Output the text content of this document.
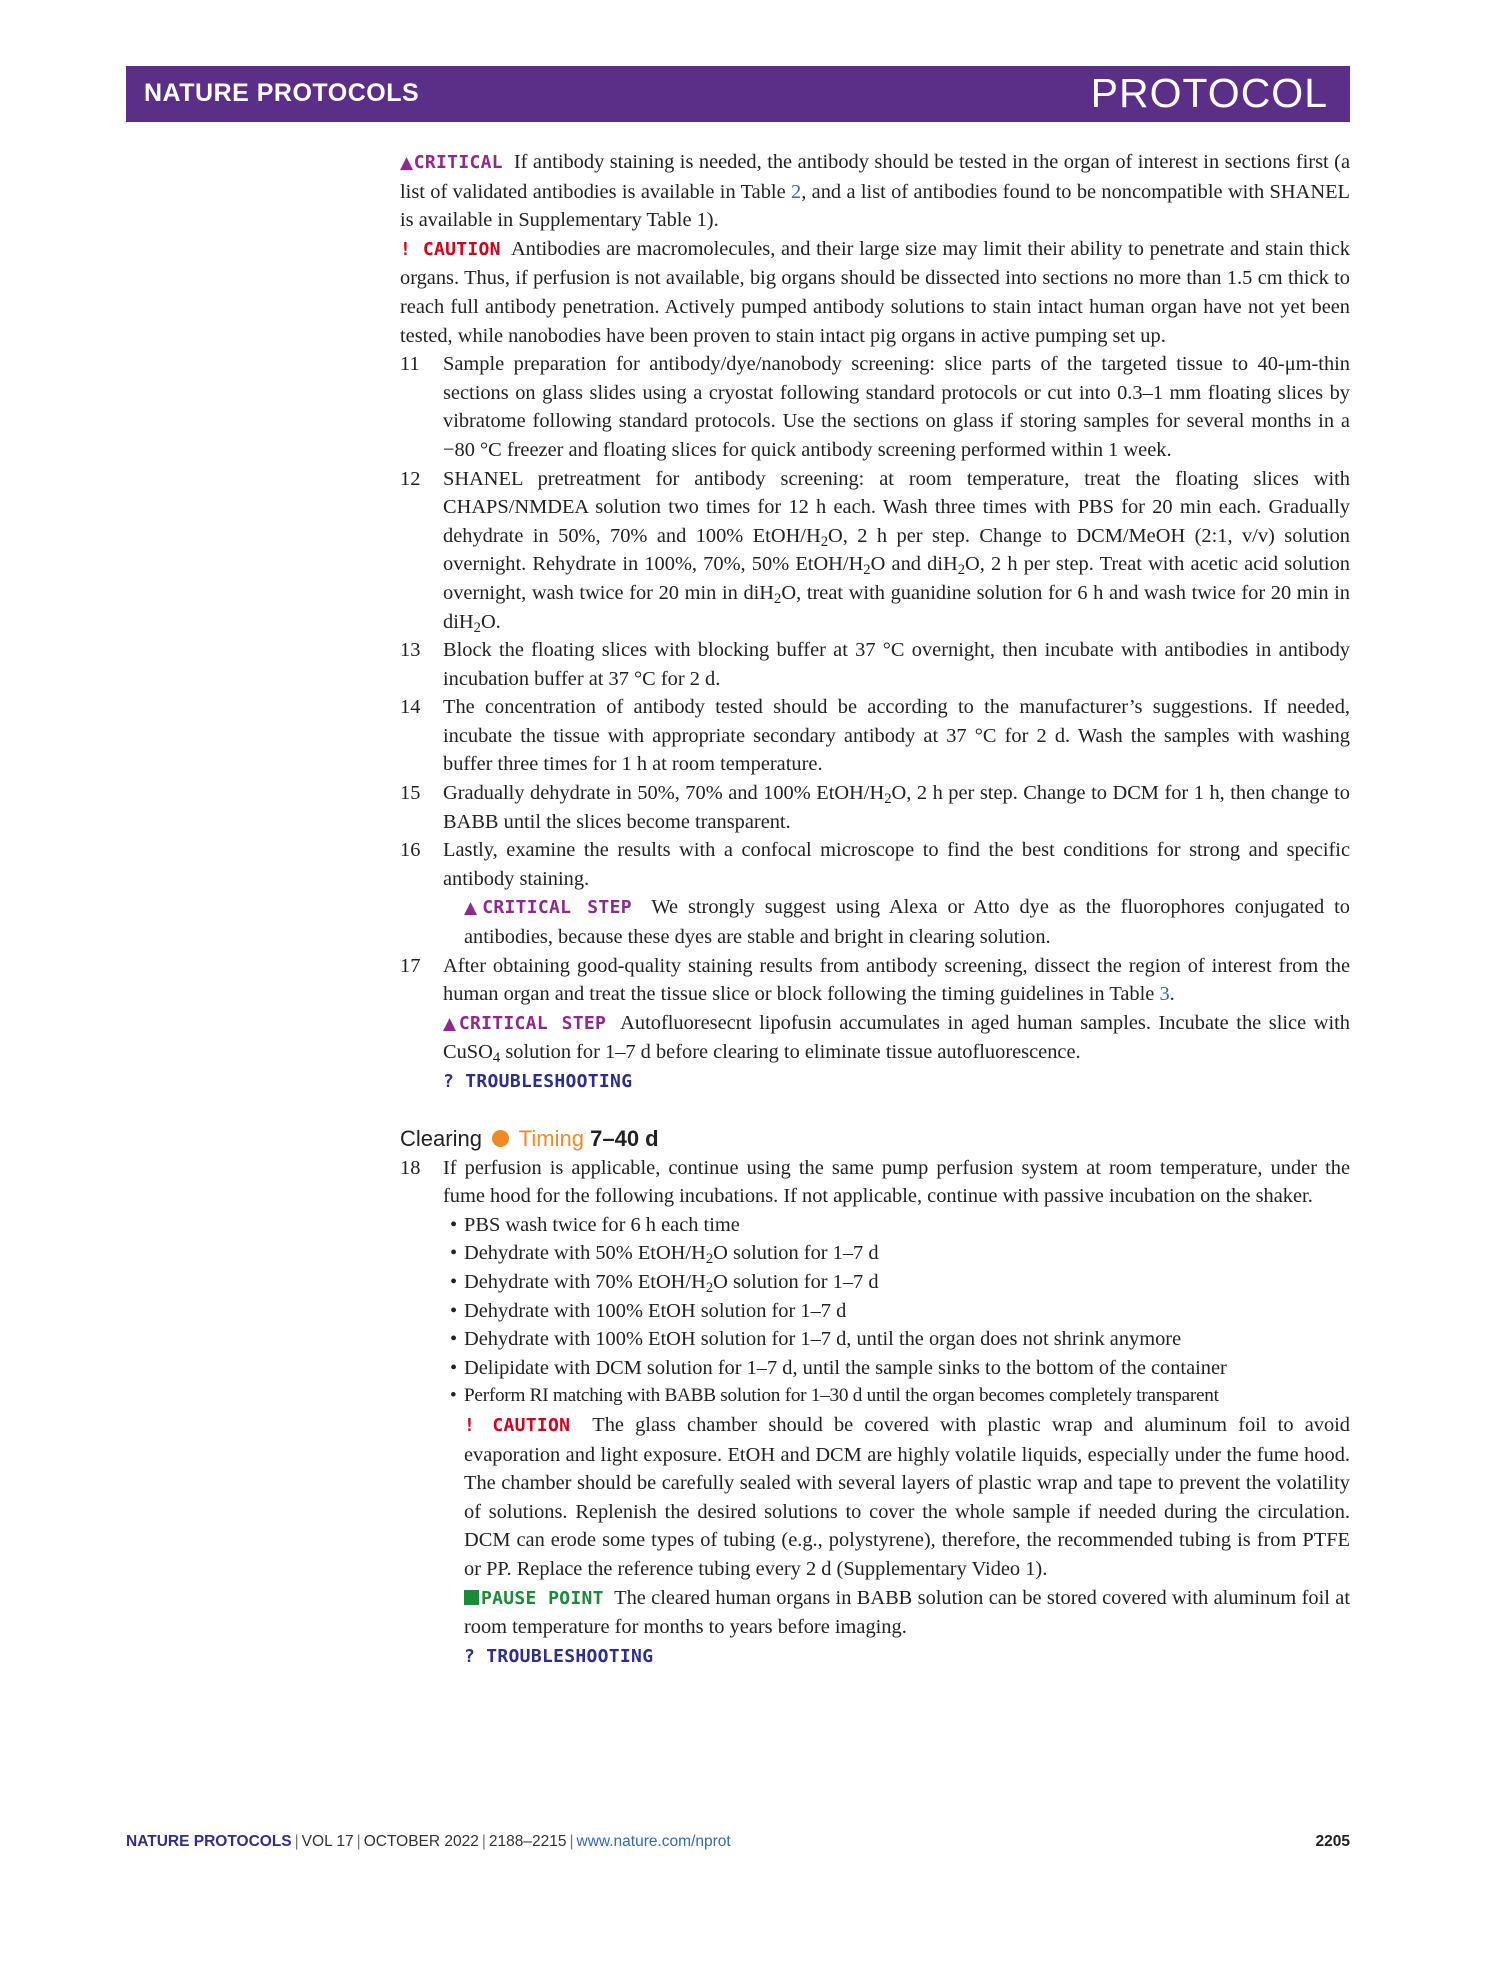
NATURE PROTOCOLS	PROTOCOL

▲CRITICAL If antibody staining is needed, the antibody should be tested in the organ of interest in sections first (a list of validated antibodies is available in Table 2, and a list of antibodies found to be noncompatible with SHANEL is available in Supplementary Table 1).

! CAUTION Antibodies are macromolecules, and their large size may limit their ability to penetrate and stain thick organs. Thus, if perfusion is not available, big organs should be dissected into sections no more than 1.5 cm thick to reach full antibody penetration. Actively pumped antibody solutions to stain intact human organ have not yet been tested, while nanobodies have been proven to stain intact pig organs in active pumping set up.

11 Sample preparation for antibody/dye/nanobody screening: slice parts of the targeted tissue to 40-μm-thin sections on glass slides using a cryostat following standard protocols or cut into 0.3–1 mm floating slices by vibratome following standard protocols. Use the sections on glass if storing samples for several months in a −80 °C freezer and floating slices for quick antibody screening performed within 1 week.

12 SHANEL pretreatment for antibody screening: at room temperature, treat the floating slices with CHAPS/NMDEA solution two times for 12 h each. Wash three times with PBS for 20 min each. Gradually dehydrate in 50%, 70% and 100% EtOH/$H_2O$, 2 h per step. Change to DCM/MeOH (2:1, v/v) solution overnight. Rehydrate in 100%, 70%, 50% EtOH/$H_2O$ and diH$_2$O, 2 h per step. Treat with acetic acid solution overnight, wash twice for 20 min in diH$_2$O, treat with guanidine solution for 6 h and wash twice for 20 min in diH$_2$O.

13 Block the floating slices with blocking buffer at 37 °C overnight, then incubate with antibodies in antibody incubation buffer at 37 °C for 2 d.

14 The concentration of antibody tested should be according to the manufacturer’s suggestions. If needed, incubate the tissue with appropriate secondary antibody at 37 °C for 2 d. Wash the samples with washing buffer three times for 1 h at room temperature.

15 Gradually dehydrate in 50%, 70% and 100% EtOH/$H_2O$, 2 h per step. Change to DCM for 1 h, then change to BABB until the slices become transparent.

16 Lastly, examine the results with a confocal microscope to find the best conditions for strong and specific antibody staining.

▲CRITICAL STEP We strongly suggest using Alexa or Atto dye as the fluorophores conjugated to antibodies, because these dyes are stable and bright in clearing solution.

17 After obtaining good-quality staining results from antibody screening, dissect the region of interest from the human organ and treat the tissue slice or block following the timing guidelines in Table 3.

▲CRITICAL STEP Autofluoresecnt lipofusin accumulates in aged human samples. Incubate the slice with CuSO$_4$ solution for 1–7 d before clearing to eliminate tissue autofluorescence.

? TROUBLESHOOTING

Clearing Timing 7–40 d
18 If perfusion is applicable, continue using the same pump perfusion system at room temperature, under the fume hood for the following incubations. If not applicable, continue with passive incubation on the shaker.

• PBS wash twice for 6 h each time
• Dehydrate with 50% EtOH/$H_2O$ solution for 1–7 d
• Dehydrate with 70% EtOH/$H_2O$ solution for 1–7 d
• Dehydrate with 100% EtOH solution for 1–7 d
• Dehydrate with 100% EtOH solution for 1–7 d, until the organ does not shrink anymore
• Delipidate with DCM solution for 1–7 d, until the sample sinks to the bottom of the container
• Perform RI matching with BABB solution for 1–30 d until the organ becomes completely transparent

! CAUTION The glass chamber should be covered with plastic wrap and aluminum foil to avoid evaporation and light exposure. EtOH and DCM are highly volatile liquids, especially under the fume hood. The chamber should be carefully sealed with several layers of plastic wrap and tape to prevent the volatility of solutions. Replenish the desired solutions to cover the whole sample if needed during the circulation. DCM can erode some types of tubing (e.g., polystyrene), therefore, the recommended tubing is from PTFE or PP. Replace the reference tubing every 2 d (Supplementary Video 1).

PAUSE POINT The cleared human organs in BABB solution can be stored covered with aluminum foil at room temperature for months to years before imaging.

? TROUBLESHOOTING

NATURE PROTOCOLS | VOL 17 | OCTOBER 2022 | 2188–2215 | www.nature.com/nprot	2205
